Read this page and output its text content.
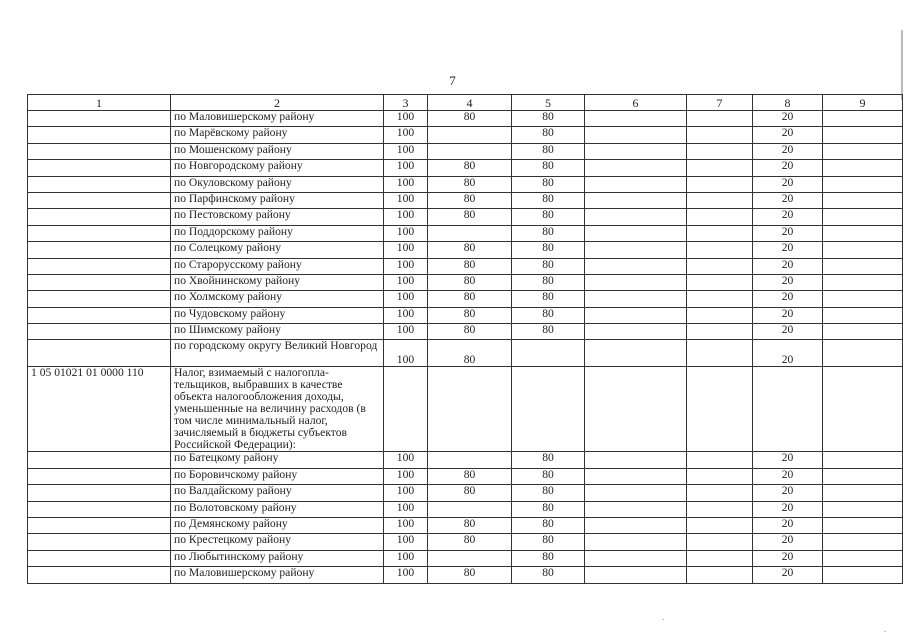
7
1	2	3	4	5	6	7	8	9
	по Маловишерскому району	100	80	80			20	
	по Марёвскому району	100		80			20	
	по Мошенскому району	100		80			20	
	по Новгородскому району	100	80	80			20	
	по Окуловскому району	100	80	80			20	
	по Парфинскому району	100	80	80			20	
	по Пестовскому району	100	80	80			20	
	по Поддорскому району	100		80			20	
	по Солецкому району	100	80	80			20	
	по Старорусскому району	100	80	80			20	
	по Хвойнинскому району	100	80	80			20	
	по Холмскому району	100	80	80			20	
	по Чудовскому району	100	80	80			20	
	по Шимскому району	100	80	80			20	
	по городскому округу Великий Новгород	100	80				20	
1 05 01021 01 0000 110	Налог, взимаемый с налогопла-тельщиков, выбравших в качестве объекта налогообложения доходы, уменьшенные на величину расходов (в том числе минимальный налог, зачисляемый в бюджеты субъектов Российской Федерации):							
	по Батецкому району	100		80			20	
	по Боровичскому району	100	80	80			20	
	по Валдайскому району	100	80	80			20	
	по Волотовскому району	100		80			20	
	по Демянскому району	100	80	80			20	
	по Крестецкому району	100	80	80			20	
	по Любытинскому району	100		80			20	
	по Маловишерскому району	100	80	80			20	
.
.
